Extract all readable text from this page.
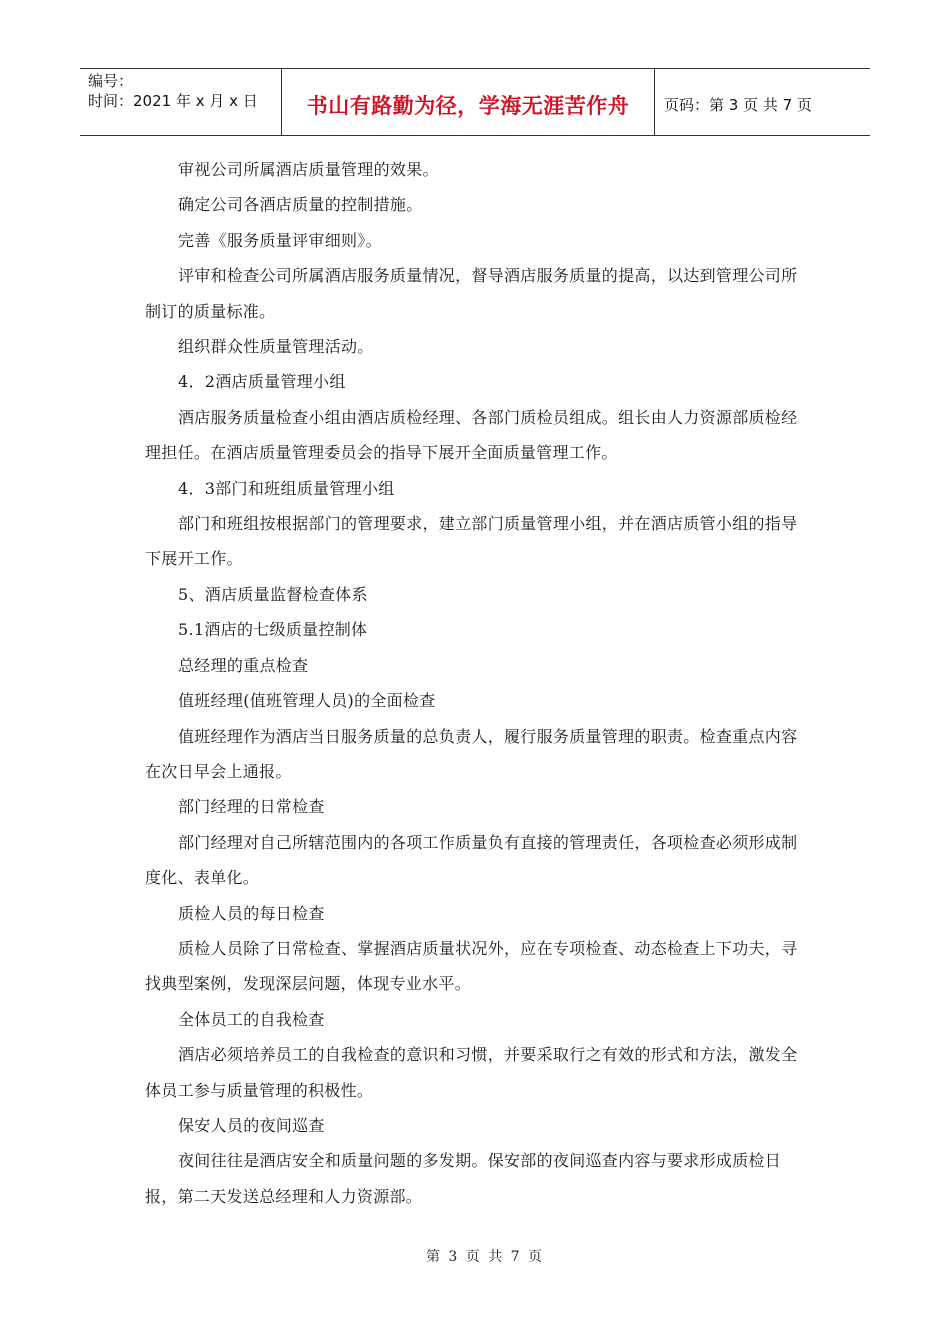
编号：
时间：2021 年 x 月 x 日	书山有路勤为径，学海无涯苦作舟	页码：第 3 页 共 7 页

审视公司所属酒店质量管理的效果。

确定公司各酒店质量的控制措施。

完善《服务质量评审细则》。

评审和检查公司所属酒店服务质量情况，督导酒店服务质量的提高，以达到管理公司所制订的质量标准。

组织群众性质量管理活动。

4．2酒店质量管理小组

酒店服务质量检查小组由酒店质检经理、各部门质检员组成。组长由人力资源部质检经理担任。在酒店质量管理委员会的指导下展开全面质量管理工作。

4．3部门和班组质量管理小组

部门和班组按根据部门的管理要求，建立部门质量管理小组，并在酒店质管小组的指导下展开工作。

5、酒店质量监督检查体系

5.1酒店的七级质量控制体

总经理的重点检查

值班经理(值班管理人员)的全面检查

值班经理作为酒店当日服务质量的总负责人，履行服务质量管理的职责。检查重点内容在次日早会上通报。

部门经理的日常检查

部门经理对自己所辖范围内的各项工作质量负有直接的管理责任，各项检查必须形成制度化、表单化。

质检人员的每日检查

质检人员除了日常检查、掌握酒店质量状况外，应在专项检查、动态检查上下功夫，寻找典型案例，发现深层问题，体现专业水平。

全体员工的自我检查

酒店必须培养员工的自我检查的意识和习惯，并要采取行之有效的形式和方法，激发全体员工参与质量管理的积极性。

保安人员的夜间巡查

夜间往往是酒店安全和质量问题的多发期。保安部的夜间巡查内容与要求形成质检日报，第二天发送总经理和人力资源部。

第 3 页 共 7 页
